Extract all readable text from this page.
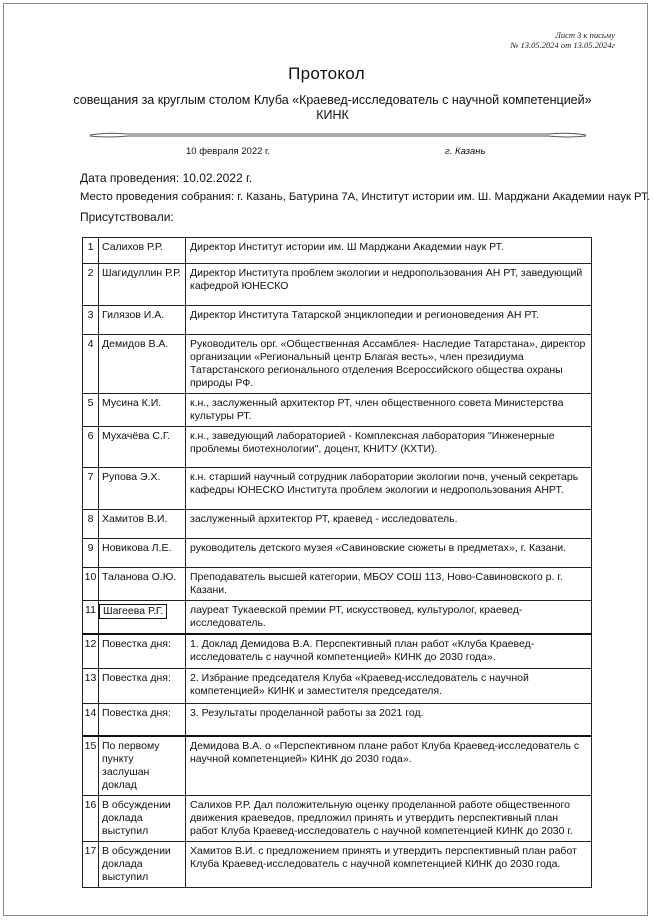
Лист 3 к письму
№ 13.05.2024 от 13.05.2024г
Протокол
совещания за круглым столом Клуба «Краевед-исследователь с научной компетенцией» КИНК
10 февраля 2022 г.	г. Казань
Дата проведения: 10.02.2022 г.
Место проведения собрания: г. Казань, Батурина 7А, Институт истории им. Ш. Марджани Академии наук РТ.
Присутствовали:
1	Салихов Р.Р.	Директор Институт истории им. Ш Марджани Академии наук РТ.
2	Шагидуллин Р.Р.	Директор Института проблем экологии и недропользования АН РТ, заведующий кафедрой ЮНЕСКО
3	Гилязов И.А.	Директор Института Татарской энциклопедии и регионоведения АН РТ.
4	Демидов В.А.	Руководитель орг. «Общественная Ассамблея- Наследие Татарстана», директор организации «Региональный центр Благая весть», член президиума Татарстанского регионального отделения Всероссийского общества охраны природы РФ.
5	Мусина К.И.	к.н., заслуженный архитектор РТ, член общественного совета Министерства культуры РТ.
6	Мухачёва С.Г.	к.н., заведующий лабораторией - Комплексная лаборатория "Инженерные проблемы биотехнологии", доцент, КНИТУ (КХТИ).
7	Рупова Э.Х.	к.н. старший научный сотрудник лаборатории экологии почв, ученый секретарь кафедры ЮНЕСКО Института проблем экологии и недропользования АНРТ.
8	Хамитов В.И.	заслуженный архитектор РТ, краевед - исследователь.
9	Новикова Л.Е.	руководитель детского музея «Савиновские сюжеты в предметах», г. Казани.
10	Таланова О.Ю.	Преподаватель высшей категории, МБОУ СОШ 113, Ново-Савиновского р. г. Казани.
11	Шагеева Р.Г.	лауреат Тукаевской премии РТ, искусствовед, культуролог, краевед-исследователь.
12	Повестка дня:	1. Доклад Демидова В.А. Перспективный план работ «Клуба Краевед-исследователь с научной компетенцией» КИНК до 2030 года».
13	Повестка дня:	2. Избрание председателя Клуба «Краевед-исследователь с научной компетенцией» КИНК и заместителя председателя.
14	Повестка дня:	3. Результаты проделанной работы за 2021 год.
15	По первому пункту заслушан доклад	Демидова В.А. о «Перспективном плане работ Клуба Краевед-исследователь с научной компетенцией» КИНК до 2030 года».
16	В обсуждении доклада выступил	Салихов Р.Р. Дал положительную оценку проделанной работе общественного движения краеведов, предложил принять и утвердить перспективный план работ Клуба Краевед-исследователь с научной компетенцией КИНК до 2030 г.
17	В обсуждении доклада выступил	Хамитов В.И. с предложением принять и утвердить перспективный план работ Клуба Краевед-исследователь с научной компетенцией КИНК до 2030 года.
